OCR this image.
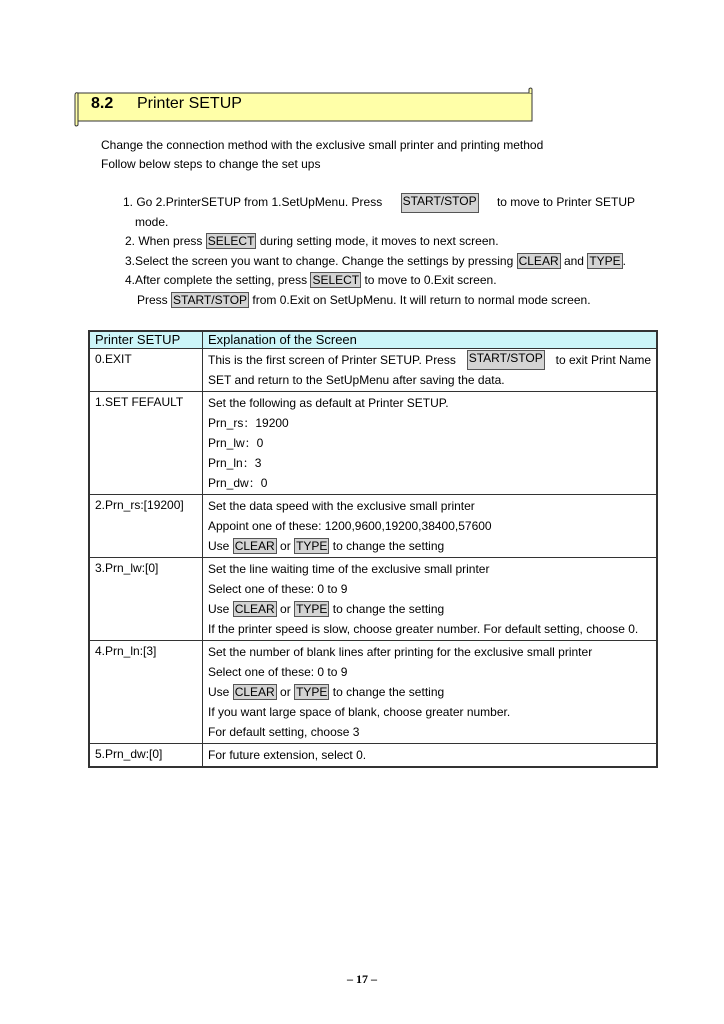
8.2 Printer SETUP

Change the connection method with the exclusive small printer and printing method

Follow below steps to change the set ups

1. Go 2.PrinterSETUP from 1.SetUpMenu. Press START/STOP to move to Printer SETUP
mode.
2. When press SELECT during setting mode, it moves to next screen.
3.Select the screen you want to change. Change the settings by pressing CLEAR and TYPE .
4.After complete the setting, press SELECT to move to 0.Exit screen.
Press START/STOP from 0.Exit on SetUpMenu. It will return to normal mode screen.
Printer SETUP	Explanation of the Screen
0.EXIT	This is the first screen of Printer SETUP. Press START/STOP to exit Print Name
SET and return to the SetUpMenu after saving the data.

1.SET FEFAULT	Set the following as default at Printer SETUP.
Prn_rs：19200
Prn_lw：0
Prn_ln：3
Prn_dw：0

2.Prn_rs:[19200]	Set the data speed with the exclusive small printer
Appoint one of these: 1200,9600,19200,38400,57600
Use CLEAR or TYPE to change the setting

3.Prn_lw:[0]	Set the line waiting time of the exclusive small printer
Select one of these: 0 to 9
Use CLEAR or TYPE to change the setting
If the printer speed is slow, choose greater number. For default setting, choose 0.

4.Prn_ln:[3]	Set the number of blank lines after printing for the exclusive small printer
Select one of these: 0 to 9
Use CLEAR or TYPE to change the setting
If you want large space of blank, choose greater number.
For default setting, choose 3

5.Prn_dw:[0]	For future extension, select 0.
– 17 –
